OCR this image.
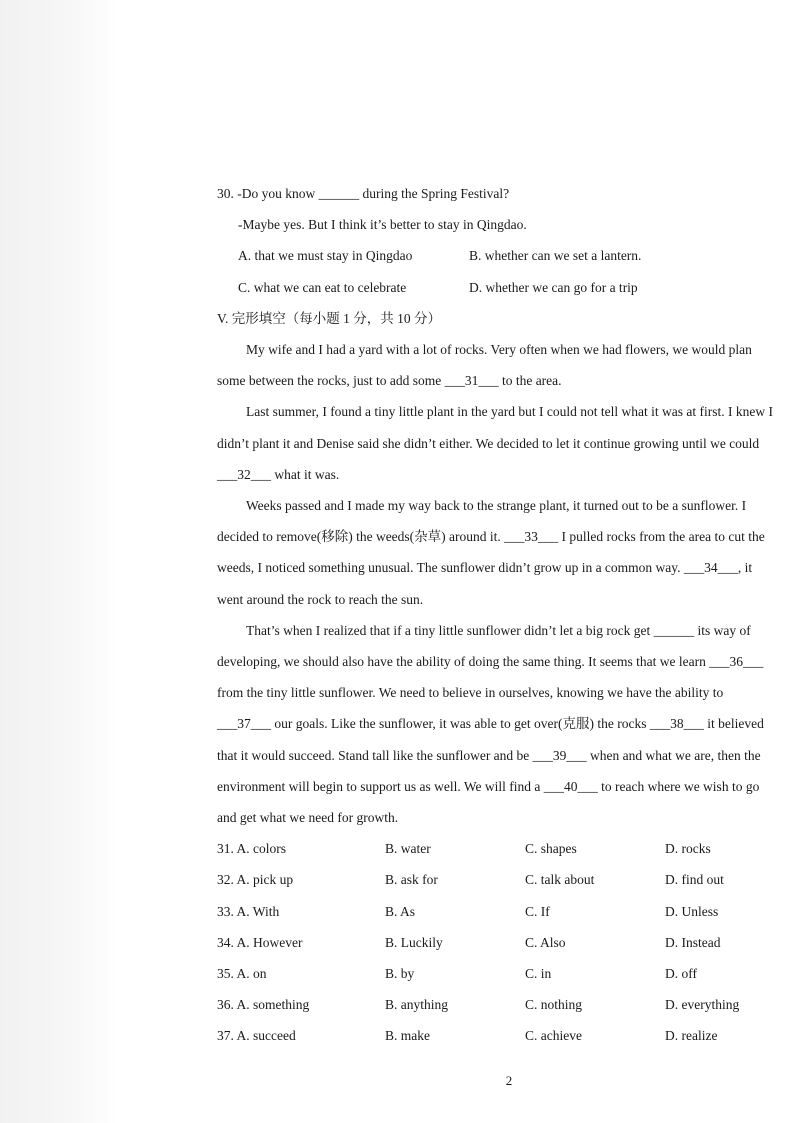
30. -Do you know ______ during the Spring Festival?
-Maybe yes. But I think it’s better to stay in Qingdao.
A. that we must stay in Qingdao	B. whether can we set a lantern.
C. what we can eat to celebrate	D. whether we can go for a trip
V. 完形填空（每小题 1 分，共 10 分）
My wife and I had a yard with a lot of rocks. Very often when we had flowers, we would plan
some between the rocks, just to add some ___31___ to the area.
Last summer, I found a tiny little plant in the yard but I could not tell what it was at first. I knew I
didn’t plant it and Denise said she didn’t either. We decided to let it continue growing until we could
___32___ what it was.
Weeks passed and I made my way back to the strange plant, it turned out to be a sunflower. I
decided to remove(移除) the weeds(杂草) around it. ___33___ I pulled rocks from the area to cut the
weeds, I noticed something unusual. The sunflower didn’t grow up in a common way. ___34___, it
went around the rock to reach the sun.
That’s when I realized that if a tiny little sunflower didn’t let a big rock get ______ its way of
developing, we should also have the ability of doing the same thing. It seems that we learn ___36___
from the tiny little sunflower. We need to believe in ourselves, knowing we have the ability to
___37___ our goals. Like the sunflower, it was able to get over(克服) the rocks ___38___ it believed
that it would succeed. Stand tall like the sunflower and be ___39___ when and what we are, then the
environment will begin to support us as well. We will find a ___40___ to reach where we wish to go
and get what we need for growth.
31. A. colors	B. water	C. shapes	D. rocks
32. A. pick up	B. ask for	C. talk about	D. find out
33. A. With	B. As	C. If	D. Unless
34. A. However	B. Luckily	C. Also	D. Instead
35. A. on	B. by	C. in	D. off
36. A. something	B. anything	C. nothing	D. everything
37. A. succeed	B. make	C. achieve	D. realize
2
